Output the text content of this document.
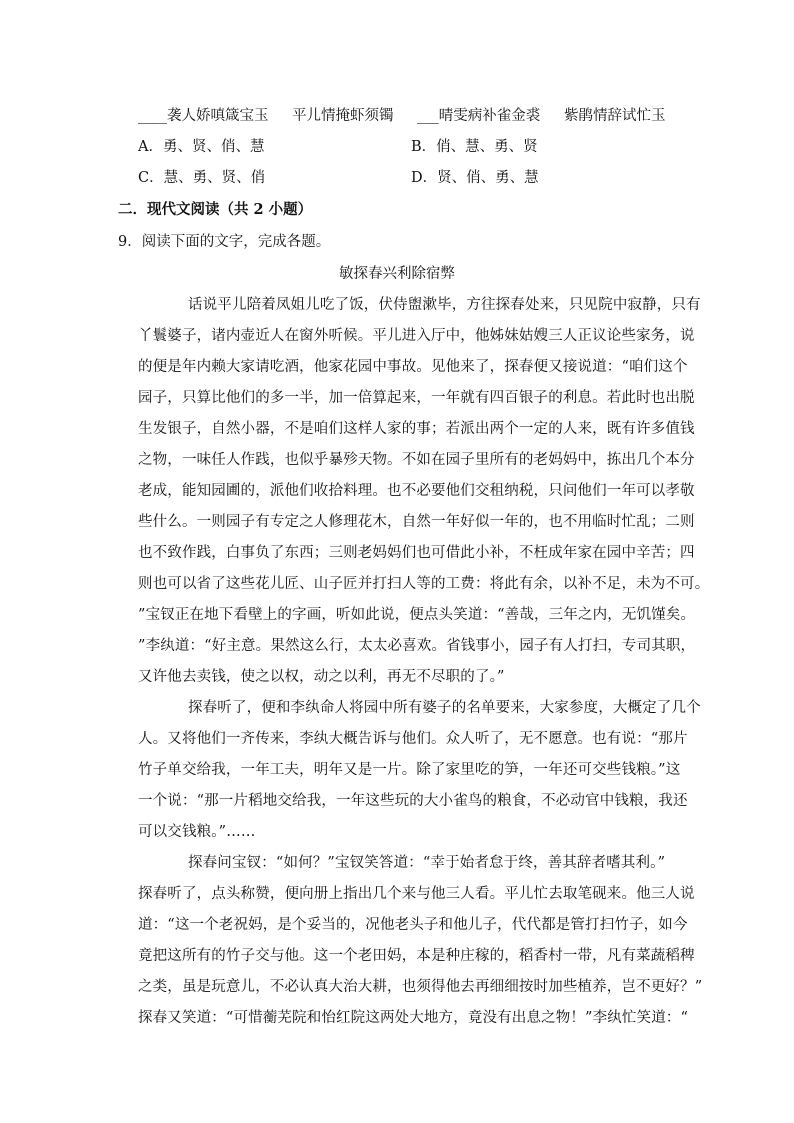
____袭人娇嗔箴宝玉 平儿情掩虾须镯 ___晴雯病补雀金裘 紫鹃情辞试忙玉
A．勇、贤、俏、慧	B．俏、慧、勇、贤
C．慧、勇、贤、俏	D．贤、俏、勇、慧
二．现代文阅读（共 2 小题）
9．阅读下面的文字，完成各题。
敏探春兴利除宿弊
话说平儿陪着凤姐儿吃了饭，伏侍盥漱毕，方往探春处来，只见院中寂静，只有
丫鬟婆子，诸内壶近人在窗外听候。平儿进入厅中，他姊妹姑嫂三人正议论些家务，说
的便是年内赖大家请吃酒，他家花园中事故。见他来了，探春便又接说道：“咱们这个
园子，只算比他们的多一半，加一倍算起来，一年就有四百银子的利息。若此时也出脱
生发银子，自然小器，不是咱们这样人家的事；若派出两个一定的人来，既有许多值钱
之物，一味任人作践，也似乎暴殄天物。不如在园子里所有的老妈妈中，拣出几个本分
老成，能知园圃的，派他们收拾料理。也不必要他们交租纳税，只问他们一年可以孝敬
些什么。一则园子有专定之人修理花木，自然一年好似一年的，也不用临时忙乱；二则
也不致作践，白事负了东西；三则老妈妈们也可借此小补，不枉成年家在园中辛苦；四
则也可以省了这些花儿匠、山子匠并打扫人等的工费：将此有余，以补不足，未为不可。
”宝钗正在地下看壁上的字画，听如此说，便点头笑道：“善哉，三年之内，无饥馑矣。
”李纨道：“好主意。果然这么行，太太必喜欢。省钱事小，园子有人打扫，专司其职，
又许他去卖钱，使之以权，动之以利，再无不尽职的了。”
探春听了，便和李纨命人将园中所有婆子的名单要来，大家参度，大概定了几个
人。又将他们一齐传来，李纨大概告诉与他们。众人听了，无不愿意。也有说：“那片
竹子单交给我，一年工夫，明年又是一片。除了家里吃的笋，一年还可交些钱粮。”这
一个说：“那一片稻地交给我，一年这些玩的大小雀鸟的粮食，不必动官中钱粮，我还
可以交钱粮。”……
探春问宝钗：“如何？”宝钗笑答道：“幸于始者怠于终，善其辞者嗜其利。”
探春听了，点头称赞，便向册上指出几个来与他三人看。平儿忙去取笔砚来。他三人说
道：“这一个老祝妈，是个妥当的，况他老头子和他儿子，代代都是管打扫竹子，如今
竟把这所有的竹子交与他。这一个老田妈，本是种庄稼的，稻香村一带，凡有菜蔬稻稗
之类，虽是玩意儿，不必认真大治大耕，也须得他去再细细按时加些植养，岂不更好？”
探春又笑道：“可惜蘅芜院和怡红院这两处大地方，竟没有出息之物！”李纨忙笑道：“
